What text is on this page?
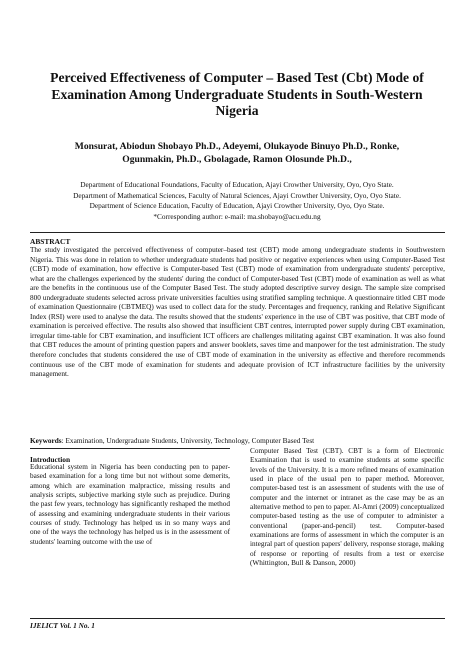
Perceived Effectiveness of Computer – Based Test (Cbt) Mode of Examination Among Undergraduate Students in South-Western Nigeria
Monsurat, Abiodun Shobayo Ph.D., Adeyemi, Olukayode Binuyo Ph.D., Ronke, Ogunmakin, Ph.D., Gbolagade, Ramon Olosunde Ph.D.,
Department of Educational Foundations, Faculty of Education, Ajayi Crowther University, Oyo, Oyo State.
Department of Mathematical Sciences, Faculty of Natural Sciences, Ajayi Crowther University, Oyo, Oyo State.
Department of Science Education, Faculty of Education, Ajayi Crowther University, Oyo, Oyo State.
*Corresponding author: e-mail: ma.shobayo@acu.edu.ng
ABSTRACT
The study investigated the perceived effectiveness of computer–based test (CBT) mode among undergraduate students in Southwestern Nigeria. This was done in relation to whether undergraduate students had positive or negative experiences when using Computer-Based Test (CBT) mode of examination, how effective is Computer-based Test (CBT) mode of examination from undergraduate students' perceptive, what are the challenges experienced by the students' during the conduct of Computer-based Test (CBT) mode of examination as well as what are the benefits in the continuous use of the Computer Based Test. The study adopted descriptive survey design. The sample size comprised 800 undergraduate students selected across private universities faculties using stratified sampling technique. A questionnaire titled CBT mode of examination Questionnaire (CBTMEQ) was used to collect data for the study. Percentages and frequency, ranking and Relative Significant Index (RSI) were used to analyse the data. The results showed that the students' experience in the use of CBT was positive, that CBT mode of examination is perceived effective. The results also showed that insufficient CBT centres, interrupted power supply during CBT examination, irregular time-table for CBT examination, and insufficient ICT officers are challenges militating against CBT examination. It was also found that CBT reduces the amount of printing question papers and answer booklets, saves time and manpower for the test administration. The study therefore concludes that students considered the use of CBT mode of examination in the university as effective and therefore recommends continuous use of the CBT mode of examination for students and adequate provision of ICT infrastructure facilities by the university management.
Keywords: Examination, Undergraduate Students, University, Technology, Computer Based Test
Introduction
Educational system in Nigeria has been conducting pen to paper-based examination for a long time but not without some demerits, among which are examination malpractice, missing results and analysis scripts, subjective marking style such as prejudice. During the past few years, technology has significantly reshaped the method of assessing and examining undergraduate students in their various courses of study. Technology has helped us in so many ways and one of the ways the technology has helped us is in the assessment of students' learning outcome with the use of
Computer Based Test (CBT). CBT is a form of Electronic Examination that is used to examine students at some specific levels of the University. It is a more refined means of examination used in place of the usual pen to paper method. Moreover, computer-based test is an assessment of students with the use of computer and the internet or intranet as the case may be as an alternative method to pen to paper. Al-Amri (2009) conceptualized computer-based testing as the use of computer to administer a conventional (paper-and-pencil) test. Computer-based examinations are forms of assessment in which the computer is an integral part of question papers' delivery, response storage, making of response or reporting of results from a test or exercise (Whittington, Bull & Danson, 2000)
IJELICT Vol. 1 No. 1
